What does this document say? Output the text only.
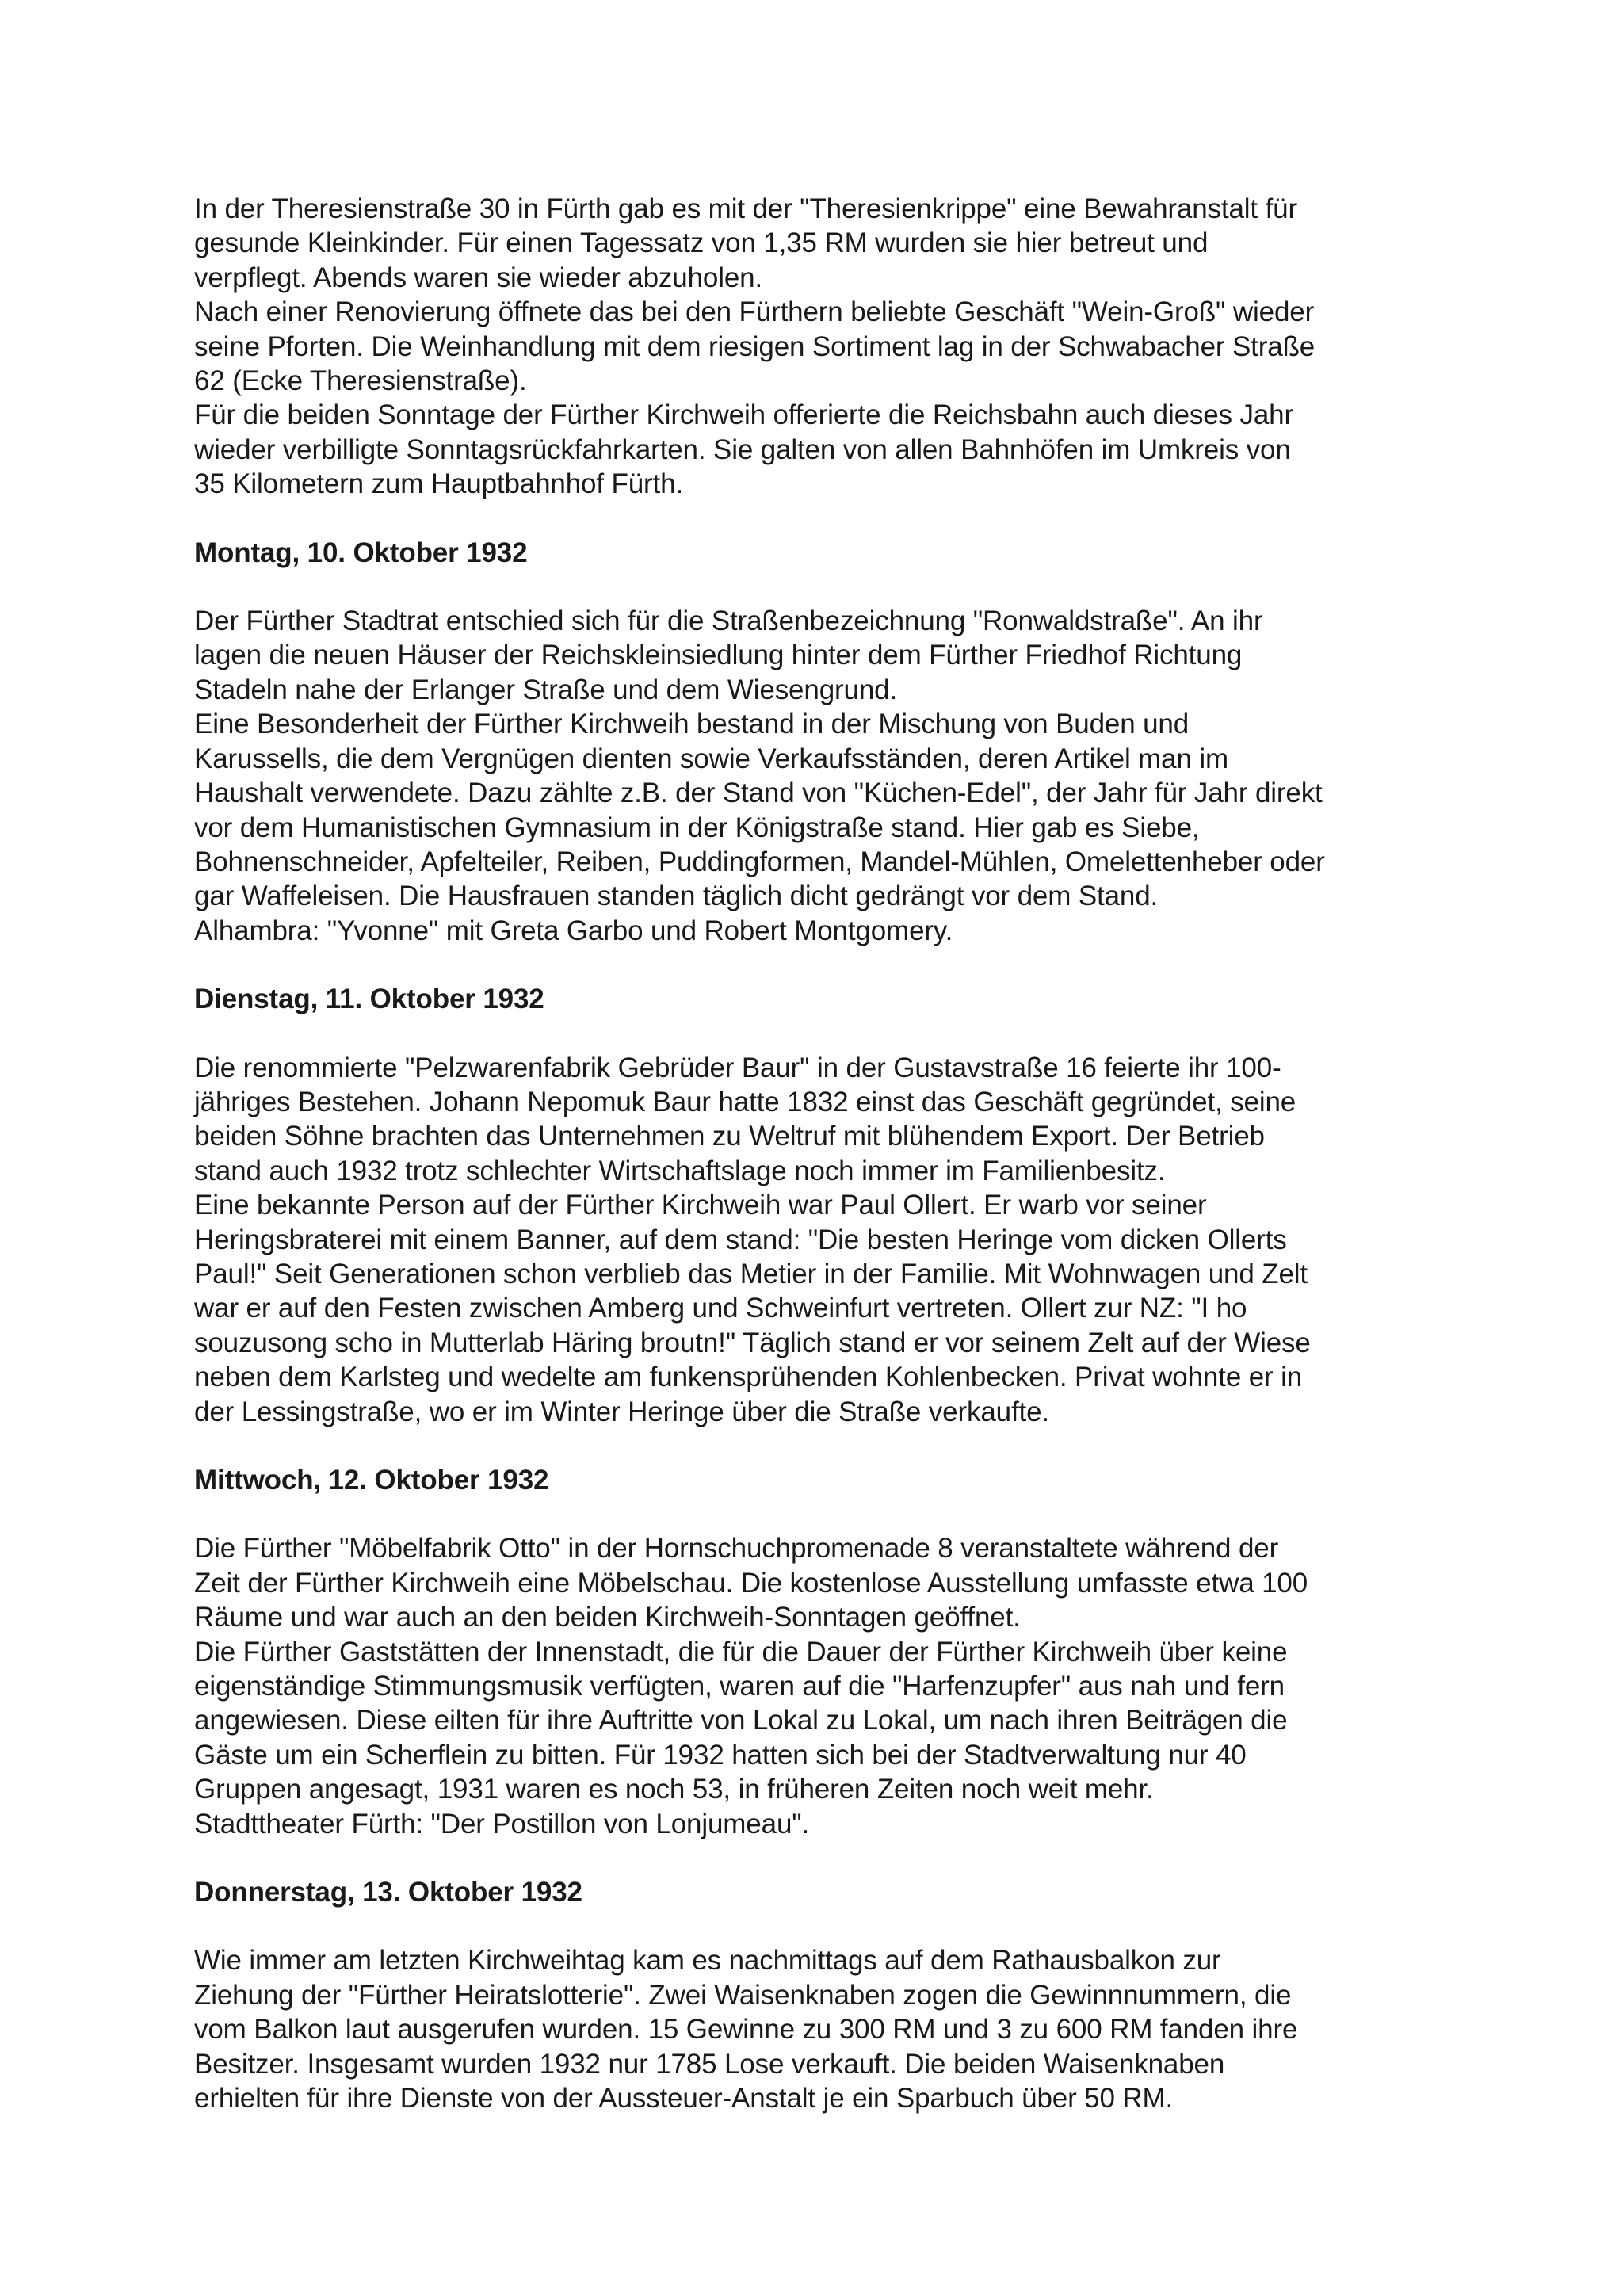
In der Theresienstraße 30 in Fürth gab es mit der "Theresienkrippe" eine Bewahranstalt für
gesunde Kleinkinder. Für einen Tagessatz von 1,35 RM wurden sie hier betreut und
verpflegt. Abends waren sie wieder abzuholen.

Nach einer Renovierung öffnete das bei den Fürthern beliebte Geschäft "Wein-Groß" wieder
seine Pforten. Die Weinhandlung mit dem riesigen Sortiment lag in der Schwabacher Straße
62 (Ecke Theresienstraße).

Für die beiden Sonntage der Fürther Kirchweih offerierte die Reichsbahn auch dieses Jahr
wieder verbilligte Sonntagsrückfahrkarten. Sie galten von allen Bahnhöfen im Umkreis von
35 Kilometern zum Hauptbahnhof Fürth.

Montag, 10. Oktober 1932

Der Fürther Stadtrat entschied sich für die Straßenbezeichnung "Ronwaldstraße". An ihr
lagen die neuen Häuser der Reichskleinsiedlung hinter dem Fürther Friedhof Richtung
Stadeln nahe der Erlanger Straße und dem Wiesengrund.

Eine Besonderheit der Fürther Kirchweih bestand in der Mischung von Buden und
Karussells, die dem Vergnügen dienten sowie Verkaufsständen, deren Artikel man im
Haushalt verwendete. Dazu zählte z.B. der Stand von "Küchen-Edel", der Jahr für Jahr direkt
vor dem Humanistischen Gymnasium in der Königstraße stand. Hier gab es Siebe,
Bohnenschneider, Apfelteiler, Reiben, Puddingformen, Mandel-Mühlen, Omelettenheber oder
gar Waffeleisen. Die Hausfrauen standen täglich dicht gedrängt vor dem Stand.

Alhambra: "Yvonne" mit Greta Garbo und Robert Montgomery.

Dienstag, 11. Oktober 1932

Die renommierte "Pelzwarenfabrik Gebrüder Baur" in der Gustavstraße 16 feierte ihr 100-
jähriges Bestehen. Johann Nepomuk Baur hatte 1832 einst das Geschäft gegründet, seine
beiden Söhne brachten das Unternehmen zu Weltruf mit blühendem Export. Der Betrieb
stand auch 1932 trotz schlechter Wirtschaftslage noch immer im Familienbesitz.

Eine bekannte Person auf der Fürther Kirchweih war Paul Ollert. Er warb vor seiner
Heringsbraterei mit einem Banner, auf dem stand: "Die besten Heringe vom dicken Ollerts
Paul!" Seit Generationen schon verblieb das Metier in der Familie. Mit Wohnwagen und Zelt
war er auf den Festen zwischen Amberg und Schweinfurt vertreten. Ollert zur NZ: "I ho
souzusong scho in Mutterlab Häring broutn!" Täglich stand er vor seinem Zelt auf der Wiese
neben dem Karlsteg und wedelte am funkensprühenden Kohlenbecken. Privat wohnte er in
der Lessingstraße, wo er im Winter Heringe über die Straße verkaufte.

Mittwoch, 12. Oktober 1932

Die Fürther "Möbelfabrik Otto" in der Hornschuchpromenade 8 veranstaltete während der
Zeit der Fürther Kirchweih eine Möbelschau. Die kostenlose Ausstellung umfasste etwa 100
Räume und war auch an den beiden Kirchweih-Sonntagen geöffnet.

Die Fürther Gaststätten der Innenstadt, die für die Dauer der Fürther Kirchweih über keine
eigenständige Stimmungsmusik verfügten, waren auf die "Harfenzupfer" aus nah und fern
angewiesen. Diese eilten für ihre Auftritte von Lokal zu Lokal, um nach ihren Beiträgen die
Gäste um ein Scherflein zu bitten. Für 1932 hatten sich bei der Stadtverwaltung nur 40
Gruppen angesagt, 1931 waren es noch 53, in früheren Zeiten noch weit mehr.

Stadttheater Fürth: "Der Postillon von Lonjumeau".

Donnerstag, 13. Oktober 1932

Wie immer am letzten Kirchweihtag kam es nachmittags auf dem Rathausbalkon zur
Ziehung der "Fürther Heiratslotterie". Zwei Waisenknaben zogen die Gewinnnummern, die
vom Balkon laut ausgerufen wurden. 15 Gewinne zu 300 RM und 3 zu 600 RM fanden ihre
Besitzer. Insgesamt wurden 1932 nur 1785 Lose verkauft. Die beiden Waisenknaben
erhielten für ihre Dienste von der Aussteuer-Anstalt je ein Sparbuch über 50 RM.
